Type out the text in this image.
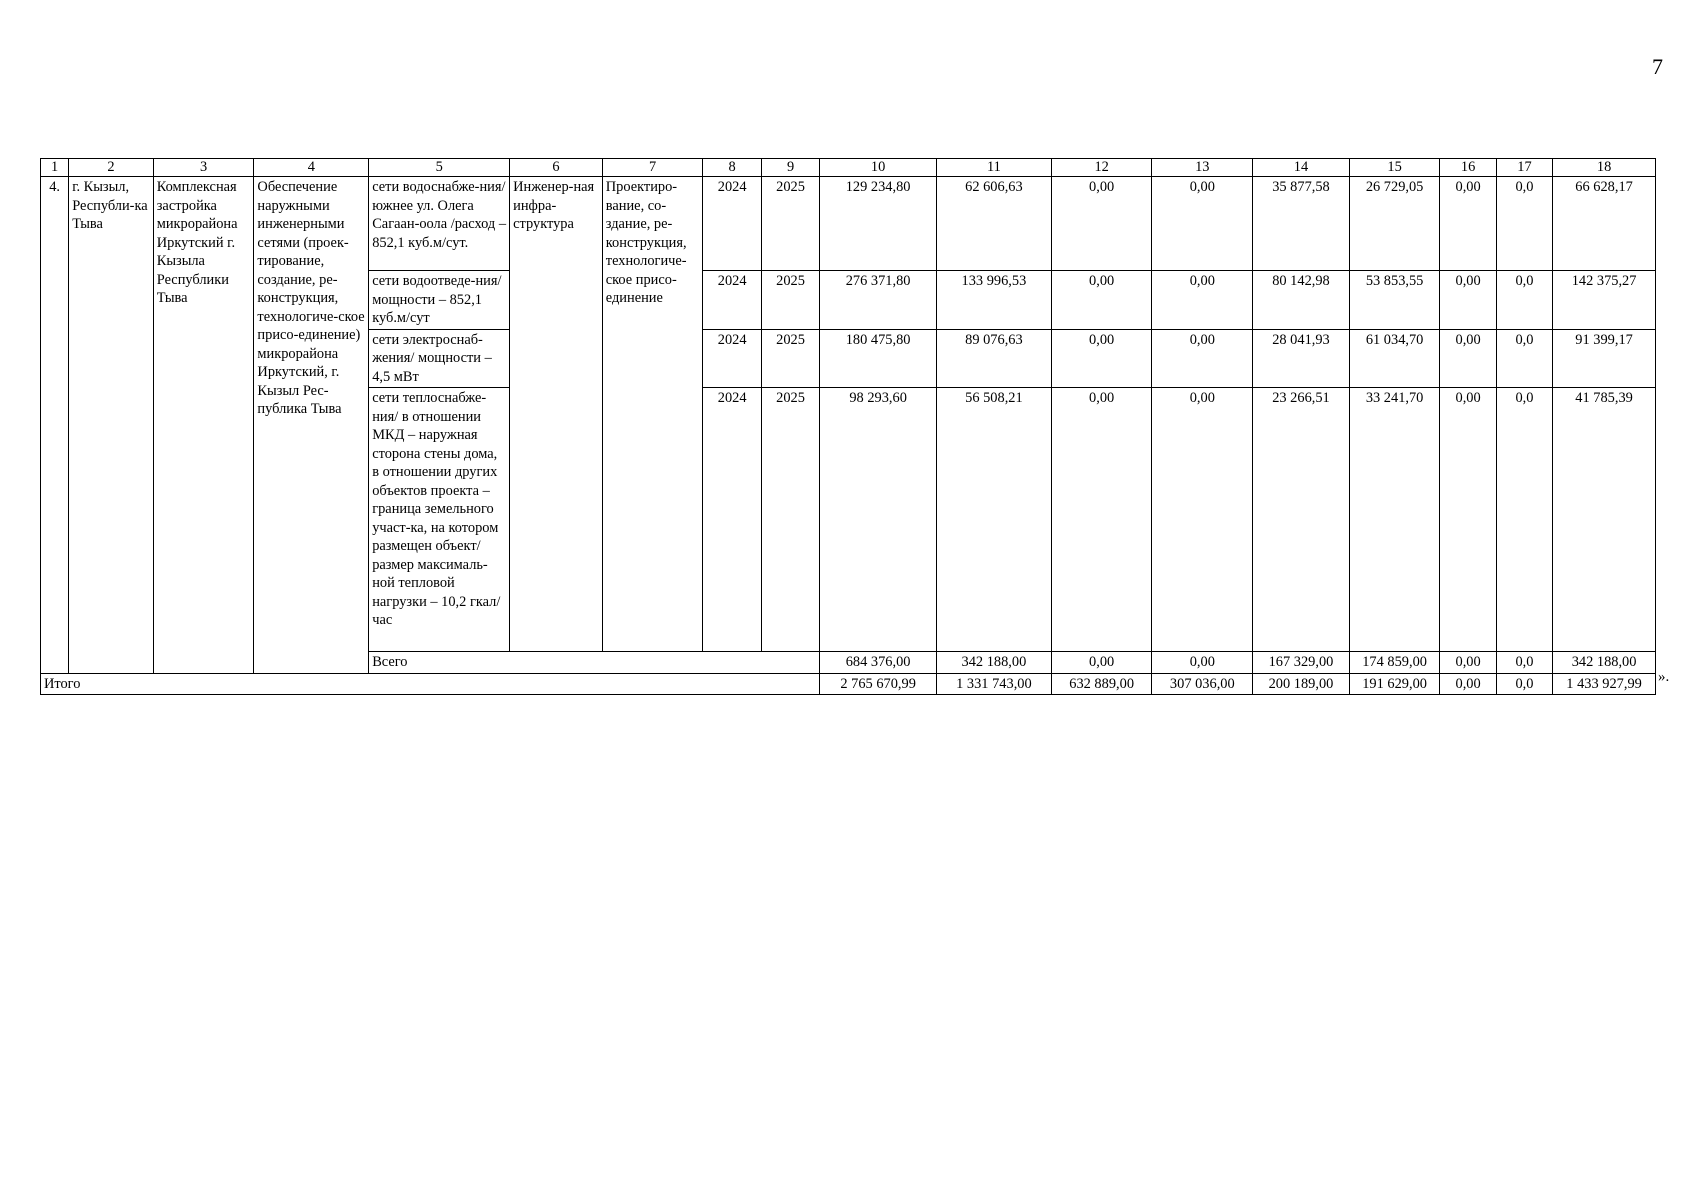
7
1	2	3	4	5	6	7	8	9	10	11	12	13	14	15	16	17	18
4.	г. Кызыл, Республи-ка Тыва	Комплексная застройка микрорайона Иркутский г. Кызыла Республики Тыва	Обеспечение наружными инженерными сетями (проек-тирование, создание, ре-конструкция, технологиче-ское присо-единение) микрорайона Иркутский, г. Кызыл Рес-публика Тыва	сети водоснабже-ния/южнее ул. Олега Сагаан-оола /расход – 852,1 куб.м/сут.	Инженер-ная инфра-структура	Проектиро-вание, со-здание, ре-конструкция, технологиче-ское присо-единение	2024	2025	129 234,80	62 606,63	0,00	0,00	35 877,58	26 729,05	0,00	0,0	66 628,17
				сети водоотведе-ния/ мощности – 852,1 куб.м/сут			2024	2025	276 371,80	133 996,53	0,00	0,00	80 142,98	53 853,55	0,00	0,0	142 375,27
				сети электроснаб-жения/ мощности – 4,5 мВт			2024	2025	180 475,80	89 076,63	0,00	0,00	28 041,93	61 034,70	0,00	0,0	91 399,17
				сети теплоснабже-ния/ в отношении МКД – наружная сторона стены дома, в отношении других объектов проекта – граница земельного участ-ка, на котором размещен объект/ размер максималь-ной тепловой нагрузки – 10,2 гкал/час			2024	2025	98 293,60	56 508,21	0,00	0,00	23 266,51	33 241,70	0,00	0,0	41 785,39
				Всего					684 376,00	342 188,00	0,00	0,00	167 329,00	174 859,00	0,00	0,0	342 188,00
Итого									2 765 670,99	1 331 743,00	632 889,00	307 036,00	200 189,00	191 629,00	0,00	0,0	1 433 927,99 ».
